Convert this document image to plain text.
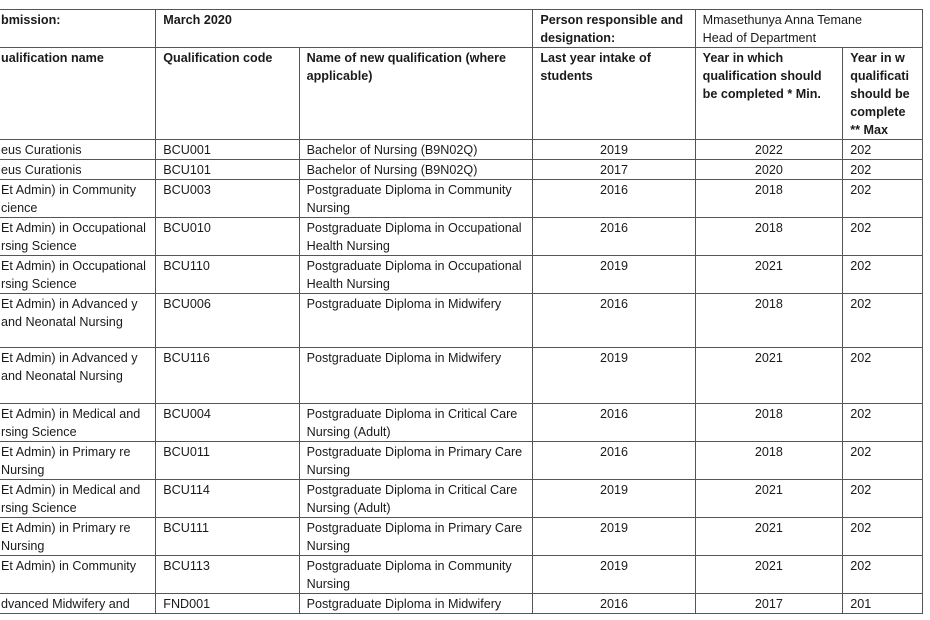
bmission:	March 2020		Person responsible and designation:	Mmasethunya Anna Temane
Head of Department	

ualification name	Qualification code	Name of new qualification (where applicable)	Last year intake of students	Year in which qualification should be completed * Min.	Year in w qualificati should be complete ** Max
eus Curationis	BCU001	Bachelor of Nursing (B9N02Q)	2019	2022	202
eus Curationis	BCU101	Bachelor of Nursing (B9N02Q)	2017	2020	202
Et Admin) in Community cience	BCU003	Postgraduate Diploma in Community Nursing	2016	2018	202
Et Admin) in Occupational rsing Science	BCU010	Postgraduate Diploma in Occupational Health Nursing	2016	2018	202
Et Admin) in Occupational rsing Science	BCU110	Postgraduate Diploma in Occupational Health Nursing	2019	2021	202
Et Admin) in Advanced y and Neonatal Nursing	BCU006	Postgraduate Diploma in Midwifery	2016	2018	202
Et Admin) in Advanced y and Neonatal Nursing	BCU116	Postgraduate Diploma in Midwifery	2019	2021	202
Et Admin) in Medical and rsing Science	BCU004	Postgraduate Diploma in Critical Care Nursing (Adult)	2016	2018	202
Et Admin) in Primary re Nursing	BCU011	Postgraduate Diploma in Primary Care Nursing	2016	2018	202
Et Admin) in Medical and rsing Science	BCU114	Postgraduate Diploma in Critical Care Nursing (Adult)	2019	2021	202
Et Admin) in Primary re Nursing	BCU111	Postgraduate Diploma in Primary Care Nursing	2019	2021	202
Et Admin) in Community	BCU113	Postgraduate Diploma in Community Nursing	2019	2021	202
dvanced Midwifery and	FND001	Postgraduate Diploma in Midwifery	2016	2017	201
